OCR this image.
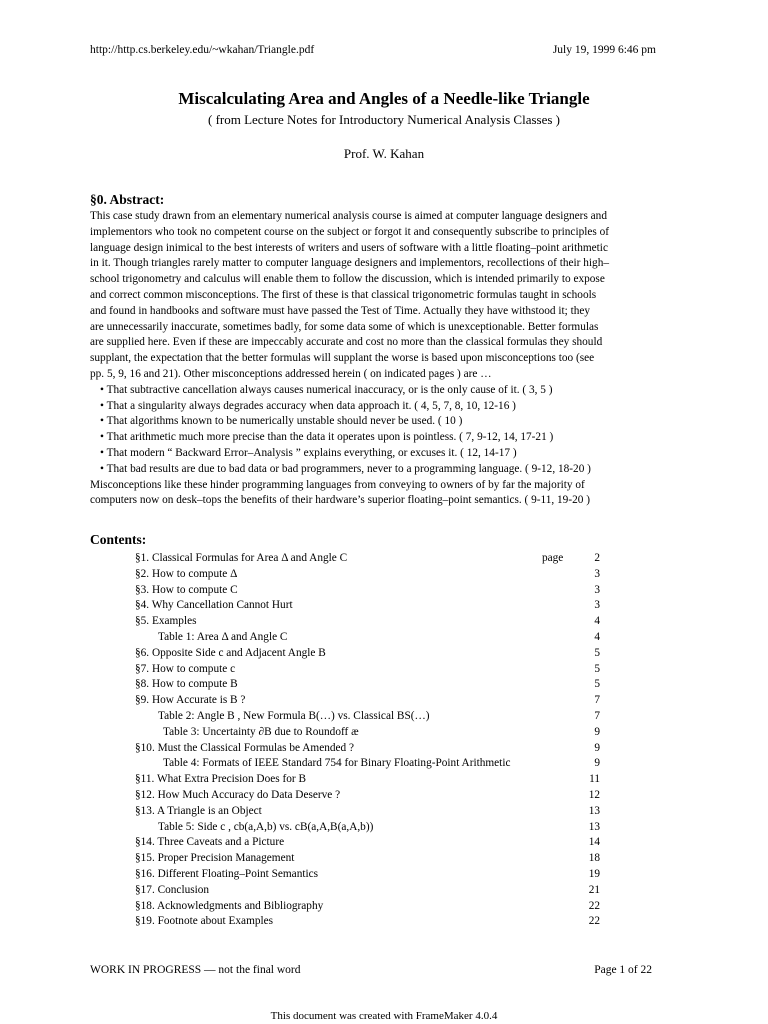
http://http.cs.berkeley.edu/~wkahan/Triangle.pdf	July 19, 1999 6:46 pm
Miscalculating Area and Angles of a Needle-like Triangle
( from Lecture Notes for Introductory Numerical Analysis Classes )
Prof. W. Kahan
§0. Abstract:

This case study drawn from an elementary numerical analysis course is aimed at computer language designers and

implementors who took no competent course on the subject or forgot it and consequently subscribe to principles of

language design inimical to the best interests of writers and users of software with a little floating–point arithmetic

in it. Though triangles rarely matter to computer language designers and implementors, recollections of their high–

school trigonometry and calculus will enable them to follow the discussion, which is intended primarily to expose

and correct common misconceptions. The first of these is that classical trigonometric formulas taught in schools

and found in handbooks and software must have passed the Test of Time. Actually they have withstood it; they

are unnecessarily inaccurate, sometimes badly, for some data some of which is unexceptionable. Better formulas

are supplied here. Even if these are impeccably accurate and cost no more than the classical formulas they should

supplant, the expectation that the better formulas will supplant the worse is based upon misconceptions too (see

pp. 5, 9, 16 and 21). Other misconceptions addressed herein ( on indicated pages ) are …

• That subtractive cancellation always causes numerical inaccuracy, or is the only cause of it. ( 3, 5 )

• That a singularity always degrades accuracy when data approach it. ( 4, 5, 7, 8, 10, 12-16 )

• That algorithms known to be numerically unstable should never be used. ( 10 )

• That arithmetic much more precise than the data it operates upon is pointless. ( 7, 9-12, 14, 17-21 )

• That modern “ Backward Error–Analysis ” explains everything, or excuses it. ( 12, 14-17 )

• That bad results are due to bad data or bad programmers, never to a programming language. ( 9-12, 18-20 )

Misconceptions like these hinder programming languages from conveying to owners of by far the majority of

computers now on desk–tops the benefits of their hardware’s superior floating–point semantics. ( 9-11, 19-20 )

Contents:
§1. Classical Formulas for Area Δ and Angle C	page	2
§2. How to compute Δ	3
§3. How to compute C	3
§4. Why Cancellation Cannot Hurt	3
§5. Examples	4
Table 1: Area Δ and Angle C	4
§6. Opposite Side c and Adjacent Angle B	5
§7. How to compute c	5
§8. How to compute B	5
§9. How Accurate is B ?	7
Table 2: Angle B , New Formula B(…) vs. Classical BS(…)	7
Table 3: Uncertainty ∂B due to Roundoff æ	9
§10. Must the Classical Formulas be Amended ?	9
Table 4: Formats of IEEE Standard 754 for Binary Floating-Point Arithmetic	9
§11. What Extra Precision Does for B	11
§12. How Much Accuracy do Data Deserve ?	12
§13. A Triangle is an Object	13
Table 5: Side c , cb(a,A,b) vs. cB(a,A,B(a,A,b))	13
§14. Three Caveats and a Picture	14
§15. Proper Precision Management	18
§16. Different Floating–Point Semantics	19
§17. Conclusion	21
§18. Acknowledgments and Bibliography	22
§19. Footnote about Examples	22
WORK IN PROGRESS — not the final word	Page 1 of 22
This document was created with FrameMaker 4.0.4
